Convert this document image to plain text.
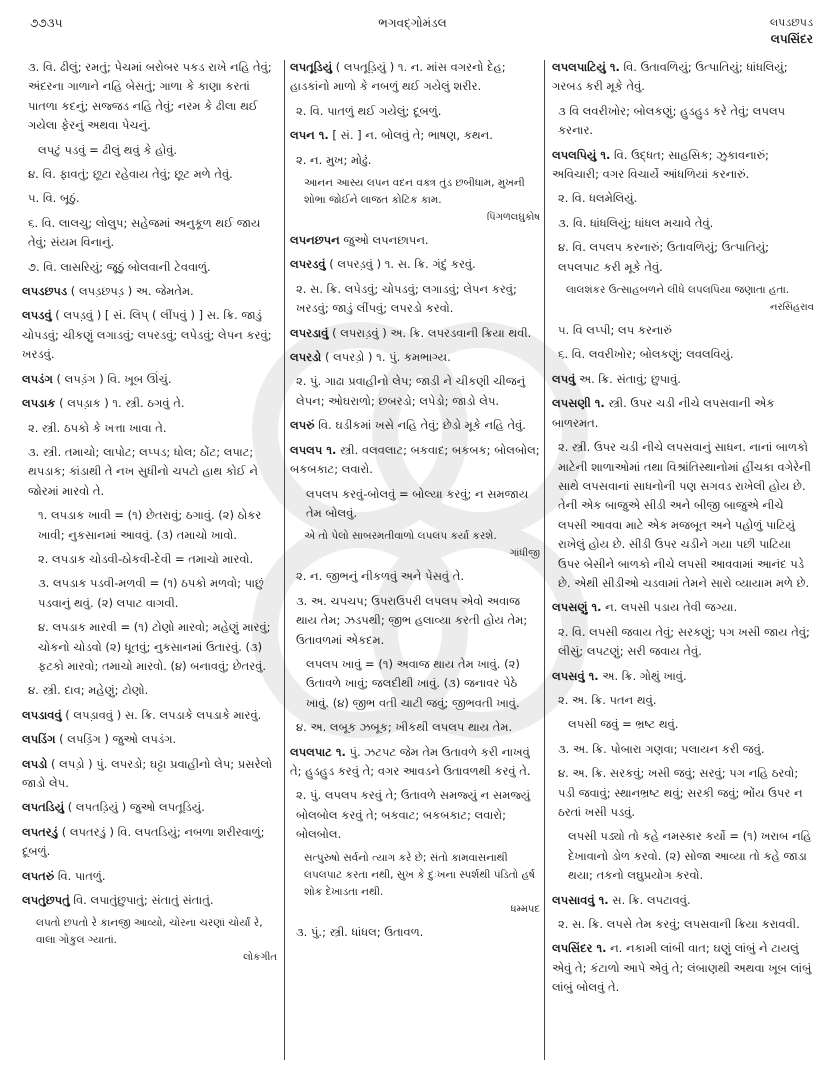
૭૭૩૫	ભગવદ્ગોમંડલ	લપડછપડ
લપસિંદર
૩. વિ. ઢીલું; રમતું; પેચમાં બરોબર પકડ રાખે નહિ તેવું; અંદરના ગાળાને નહિ બેસતું; ગાળા કે કાણા કરતાં પાતળા કદનું; સજ્જડ નહિ તેવું; નરમ કે ઢીલા થઈ ગયેલા ફેરનું અથવા પેચનું.
લપટું પડવું = ઢીલું થવું કે હોવું.
૪. વિ. ફાવતું; છૂટા રહેવાય તેવું; છૂટ મળે તેવું.
૫. વિ. બૂઠું.
૬. વિ. લાલચુ; લોલુપ; સહેજમાં અનુકૂળ થઈ જાય તેવું; સંયમ વિનાનું.
૭. વિ. લાસરિયું; જૂઠું બોલવાની ટેવવાળું.
લપડછપડ ( લપડ઼છપડ઼ ) અ. જેમતેમ.
લપડવું ( લપડ઼વું ) [ સં. લિપ્ ( લીંપવું ) ] સ. ક્રિ. જાડું ચોપડવું; ચીકણું લગાડવું; લપરડવું; લપેડવું; લેપન કરવું; ખરડવું.
લપડંગ ( લપડ઼ંગ ) વિ. ખૂબ ઊંચું.
લપડાક ( લપડ઼ાક ) ૧. સ્ત્રી. ઠગવું તે.
૨. સ્ત્રી. ઠપકો કે ખત્તા ખાવા તે.
૩. સ્ત્રી. તમાચો; લાપોટ; લપ્પડ; ધોલ; ઠોંટ; લપાટ; થપડાક; કાંડાથી તે નખ સુધીનો ચપટો હાથ કોઈ ને જોરમાં મારવો તે.
૧. લપડાક ખાવી = (૧) છેતરાવું; ઠગાવું. (૨) ઠોકર ખાવી; નુકસાનમાં આવવું. (૩) તમાચો ખાવો.
૨. લપડાક ચોડવી-ઠોકવી-દેવી = તમાચો મારવો.
૩. લપડાક પડવી-મળવી = (૧) ઠપકો મળવો; પાછું પડવાનું થવું. (૨) લપાટ વાગવી.
૪. લપડાક મારવી = (૧) ટોણો મારવો; મહેણું મારવું; ચોકનો ચોડવો (૨) ધૂતવું; નુકસાનમાં ઉતારવું. (૩) ફટકો મારવો; તમાચો મારવો. (૪) બનાવવું; છેતરવું.
૪. સ્ત્રી. દાવ; મહેણું; ટોણો.
લપડાવવું ( લપડ઼ાવવું ) સ. ક્રિ. લપડાકે લપડાકે મારવું.
લપડિંગ ( લપડ઼િંગ ) જુઓ લપડંગ.
લપડો ( લપડ઼ો ) પું. લપરડો; ઘટ્ટા પ્રવાહીનો લેપ; પ્રસરેલો જાડો લેપ.
લપતડિયું ( લપતડ઼િયું ) જુઓ લપતૂડિયું.
લપતરડું ( લપતરડ઼ું ) વિ. લપતડિયું; નબળા શરીરવાળું; દૂબળું.
લપતરું વિ. પાતળું.
લપતુંછપતું વિ. લપાતુંછુપાતું; સંતાતું સંતાતું.
લપતો છપતો રે કાનજી આવ્યો, ચોરના ચરણાં ચોર્યાં રે, વાલા ગોકુલ ગ્યાતાં.
લોકગીત
લપતૂડિયું ( લપતૂડ઼િયું ) ૧. ન. માંસ વગરનો દેહ; હાડકાંનો માળો કે નબળું થઈ ગયેલું શરીર.
૨. વિ. પાતળું થઈ ગયેલું; દૂબળું.
લપન ૧. [ સં. ] ન. બોલવું તે; ભાષણ, કથન.
૨. ન. મુખ; મોઢું.
આનન આસ્ય લપન વદન વક્ત્ર તુંડ છબીધામ, મુખની શોભા જોઈને લાજત કોટિક કામ.
પિંગળલઘુકોષ
લપનછપન જુઓ લપનછાપન.
લપરડવું ( લપરડ઼વું ) ૧. સ. ક્રિ. ગંદું કરવું.
૨. સ. ક્રિ. લપેડવું; ચોપડવું; લગાડવું; લેપન કરવું; ખરડવું; જાડું લીંપવું; લપરડો કરવો.
લપરડાવું ( લપરાડ઼વું ) અ. ક્રિ. લપરડવાની ક્રિયા થવી.
લપરડો ( લપરડ઼ો ) ૧. પું. કમભાગ્ય.
૨. પું. ગાઢા પ્રવાહીનો લેપ; જાડી ને ચીકણી ચીજનું લેપન; ઓઘરાળો; છબરડો; લપેડો; જાડો લેપ.
લપરું વિ. ઘડીકમાં ખસે નહિ તેવું; છેડો મૂકે નહિ તેવું.
લપલપ ૧. સ્ત્રી. વલવલાટ; બકવાદ; બકબક; બોલબોલ; બકબકાટ; લવારો.
લપલપ કરવું-બોલવું = બોલ્યા કરવું; ન સમજાય તેમ બોલવું.
એ તો પેલો સાબરમતીવાળો લપલપ કર્યા કરશે.
ગાંધીજી
૨. ન. જીભનું નીકળવું અને પેસવું તે.
૩. અ. ચપચપ; ઉપરાઉપરી લપલપ એવો અવાજ થાય તેમ; ઝડપથી; જીભ હલાવ્યા કરતી હોય તેમ; ઉતાવળમાં એકદમ.
લપલપ ખાવું = (૧) અવાજ થાય તેમ ખાવું. (૨) ઉતાવળે ખાવું; જલદીથી ખાવું. (૩) જનાવર પેઠે ખાવું. (૪) જીભ વતી ચાટી જવું; જીભવતી ખાવું.
૪. અ. લબૂક ઝબૂક; ખીકથી લપલપ થાય તેમ.
લપલપાટ ૧. પું. ઝટપટ જેમ તેમ ઉતાવળે કરી નાખવું તે; હુડહુડ કરવું તે; વગર આવડને ઉતાવળથી કરવું તે.
૨. પું. લપલપ કરવું તે; ઉતાવળે સમજ્યું ન સમજ્યું બોલબોલ કરવું તે; બકવાટ; બકબકાટ; લવારો; બોલબોલ.
સત્પુરુષો સર્વનો ત્યાગ કરે છે; સંતો કામવાસનાથી લપલપાટ કરતા નથી, સુખ કે દુઃખના સ્પર્શથી પંડિતો હર્ષ શોક દેખાડતા નથી.
ધમ્મપદ
૩. પું.; સ્ત્રી. ધાંધલ; ઉતાવળ.
લપલપાટિયું ૧. વિ. ઉતાવળિયું; ઉત્પાતિયું; ધાંધલિયું; ગરબડ કરી મૂકે તેવું.
૩ વિ લવરીખોર; બોલકણું; હુડહુડ કરે તેવું; લપલપ કરનાર.
લપલપિયું ૧. વિ. ઉદ્ધત; સાહસિક; ઝુકાવનારું; અવિચારી; વગર વિચાર્યે આંધળિયાં કરનારું.
૨. વિ. ધલમેલિયું.
૩. વિ. ધાંધલિયું; ધાંધલ મચાવે તેવું.
૪. વિ. લપલપ કરનારું; ઉતાવળિયું; ઉત્પાતિયું; લપલપાટ કરી મૂકે તેવું.
લાલશંકર ઉત્સાહબળને લીધે લપલપિયા જણાતા હતા.
નરસિંહરાવ
૫. વિ લપ્પી; લપ કરનારું
૬. વિ. લવરીખોર; બોલકણું; લવલવિયું.
લપવું અ. ક્રિ. સંતાવું; છુપાવું.
લપસણી ૧. સ્ત્રી. ઉપર ચડી નીચે લપસવાની એક બાળરમત.
૨. સ્ત્રી. ઉપર ચડી નીચે લપસવાનું સાધન. નાનાં બાળકો માટેની શાળાઓમાં તથા વિશ્રાંતિસ્થાનોમાં હીંચકા વગેરેની સાથે લપસવાનાં સાધનોની પણ સગવડ રાખેલી હોય છે. તેની એક બાજુએ સીડી અને બીજી બાજુએ નીચે લપસી આવવા માટે એક મજબૂત અને પહોળું પાટિયું રાખેલું હોય છે. સીડી ઉપર ચડીને ગયા પછી પાટિયા ઉપર બેસીને બાળકો નીચે લપસી આવવામાં આનંદ પડે છે. એથી સીડીઓ ચડવામાં તેમને સારો વ્યાયામ મળે છે.
લપસણું ૧. ન. લપસી પડાય તેવી જગ્યા.
૨. વિ. લપસી જવાય તેવું; સરકણું; પગ ખસી જાય તેવું; લીસું; લપટણું; સરી જવાય તેવું.
લપસવું ૧. અ. ક્રિ. ગોથું ખાવું.
૨. અ. ક્રિ. પતન થવું.
લપસી જવું = ભ્રષ્ટ થવું.
૩. અ. ક્રિ. પોબારા ગણવા; પલાયન કરી જવું.
૪. અ. ક્રિ. સરકવું; ખસી જવું; સરવું; પગ નહિ ઠરવો; પડી જવાવું; સ્થાનભ્રષ્ટ થવું; સરકી જવું; ભોંય ઉપર ન ઠરતાં ખસી પડવું.
લપસી પડ્યો તો કહે નમસ્કાર કર્યો = (૧) ખરાબ નહિ દેખાવાનો ડોળ કરવો. (૨) સોજા આવ્યા તો કહે જાડા થયા; તકનો લઘુપ્રયોગ કરવો.
લપસાવવું ૧. સ. ક્રિ. લપટાવવું.
૨. સ. ક્રિ. લપસે તેમ કરવું; લપસવાની ક્રિયા કરાવવી.
લપસિંદર ૧. ન. નકામી લાંબી વાત; ઘણું લાંબું ને ટાયલું એવું તે; કંટાળો આપે એવું તે; લંબાણથી અથવા ખૂબ લાંબું લાંબું બોલવું તે.
